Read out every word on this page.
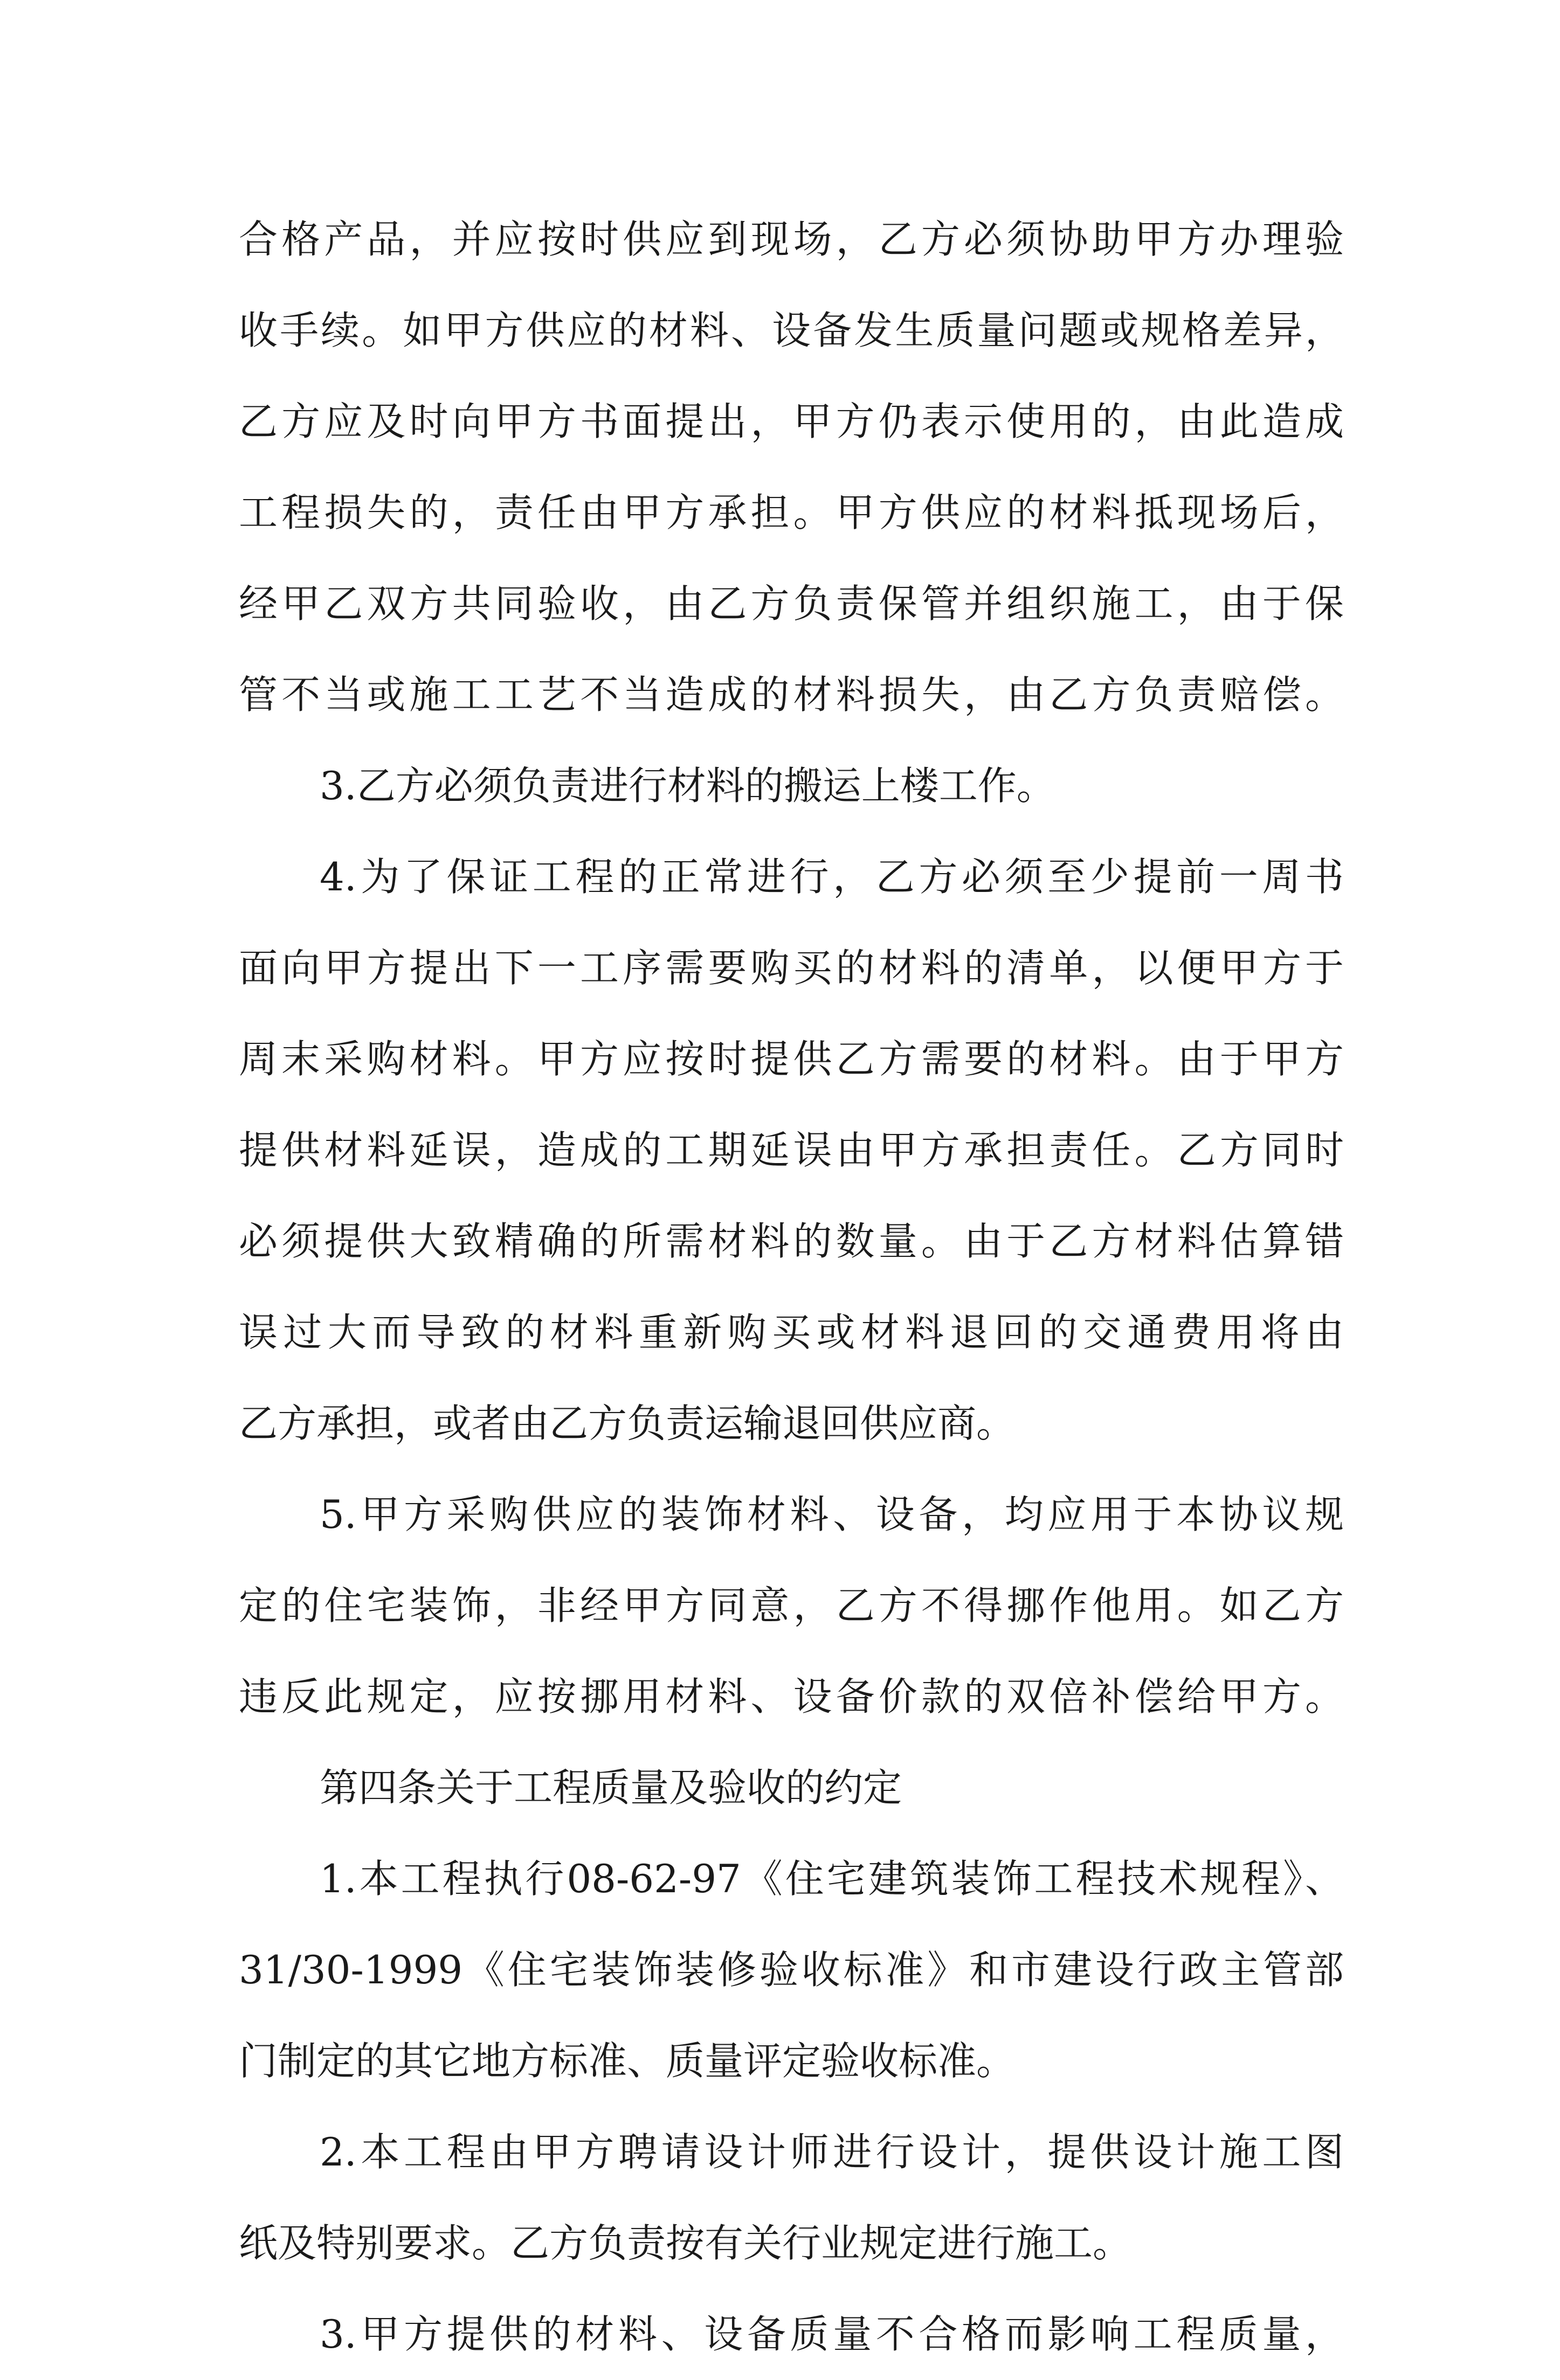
合格产品，并应按时供应到现场，乙方必须协助甲方办理验
收手续。如甲方供应的材料、设备发生质量问题或规格差异，
乙方应及时向甲方书面提出，甲方仍表示使用的，由此造成
工程损失的，责任由甲方承担。甲方供应的材料抵现场后，
经甲乙双方共同验收，由乙方负责保管并组织施工，由于保
管不当或施工工艺不当造成的材料损失，由乙方负责赔偿。
3.乙方必须负责进行材料的搬运上楼工作。
4.为了保证工程的正常进行，乙方必须至少提前一周书
面向甲方提出下一工序需要购买的材料的清单，以便甲方于
周末采购材料。甲方应按时提供乙方需要的材料。由于甲方
提供材料延误，造成的工期延误由甲方承担责任。乙方同时
必须提供大致精确的所需材料的数量。由于乙方材料估算错
误过大而导致的材料重新购买或材料退回的交通费用将由
乙方承担，或者由乙方负责运输退回供应商。
5.甲方采购供应的装饰材料、设备，均应用于本协议规
定的住宅装饰，非经甲方同意，乙方不得挪作他用。如乙方
违反此规定，应按挪用材料、设备价款的双倍补偿给甲方。
第四条关于工程质量及验收的约定
1.本工程执行08-62-97《住宅建筑装饰工程技术规程》、
31/30-1999《住宅装饰装修验收标准》和市建设行政主管部
门制定的其它地方标准、质量评定验收标准。
2.本工程由甲方聘请设计师进行设计，提供设计施工图
纸及特别要求。乙方负责按有关行业规定进行施工。
3.甲方提供的材料、设备质量不合格而影响工程质量，
